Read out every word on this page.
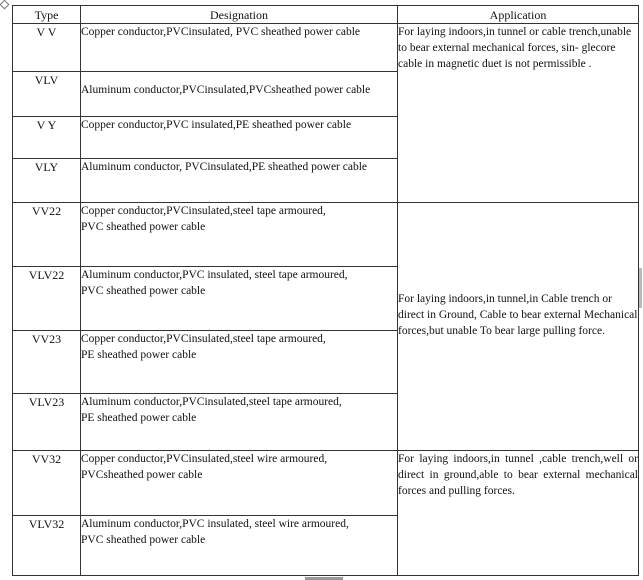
Type	Designation	Application
V V	Copper conductor,PVCinsulated, PVC sheathed power cable	For laying indoors,in tunnel or cable trench,unable to bear external mechanical forces, sin- glecore cable in magnetic duet is not permissible .
VLV	Aluminum conductor,PVCinsulated,PVCsheathed power cable	

V Y	Copper conductor,PVC insulated,PE sheathed power cable	

VLY	Aluminum conductor, PVCinsulated,PE sheathed power cable	

VV22	Copper conductor,PVCinsulated,steel tape armoured,
PVC sheathed power cable	For laying indoors,in tunnel,in Cable trench or direct in Ground, Cable to bear external Mechanical forces,but unable To bear large pulling force.
VLV22	Aluminum conductor,PVC insulated, steel tape armoured,
PVC sheathed power cable	

VV23	Copper conductor,PVCinsulated,steel tape armoured,
PE sheathed power cable	

VLV23	Aluminum conductor,PVCinsulated,steel tape armoured,
PE sheathed power cable	

VV32	Copper conductor,PVCinsulated,steel wire armoured,
PVCsheathed power cable	For laying indoors,in tunnel ,cable trench,well or direct in ground,able to bear external mechanical forces and pulling forces.
VLV32	Aluminum conductor,PVC insulated, steel wire armoured,
PVC sheathed power cable	
